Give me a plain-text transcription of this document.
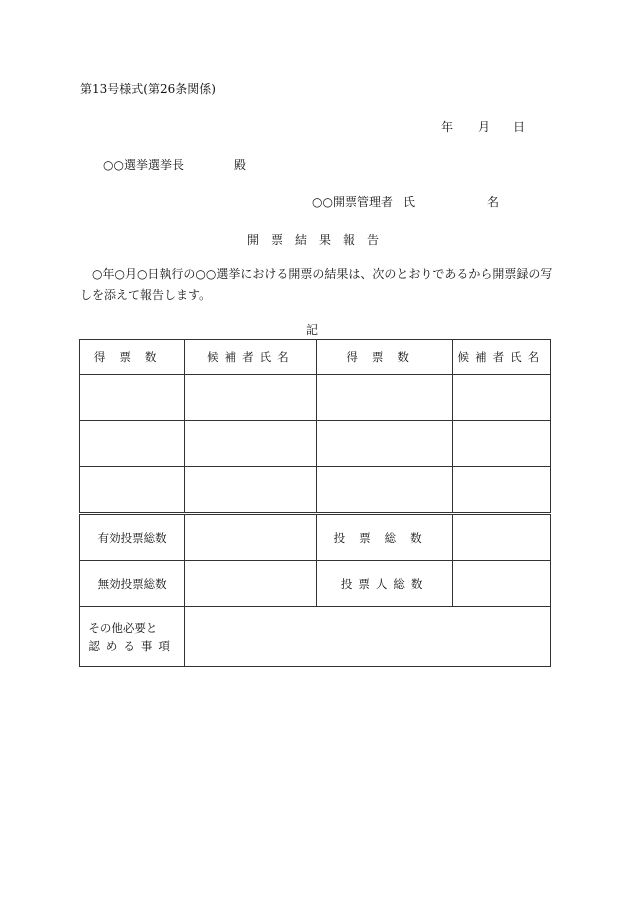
第13号様式(第26条関係)
年 月 日
○○選挙選挙長	殿
○○開票管理者 氏	名
開票結果報告
○年○月○日執行の○○選挙における開票の結果は、次のとおりであるから開票録の写しを添えて報告します。
記
得票数	候補者氏名	得票数	候補者氏名

有効投票総数		投票総数	
無効投票総数		投票人総数	
その他必要と
認める事項			
